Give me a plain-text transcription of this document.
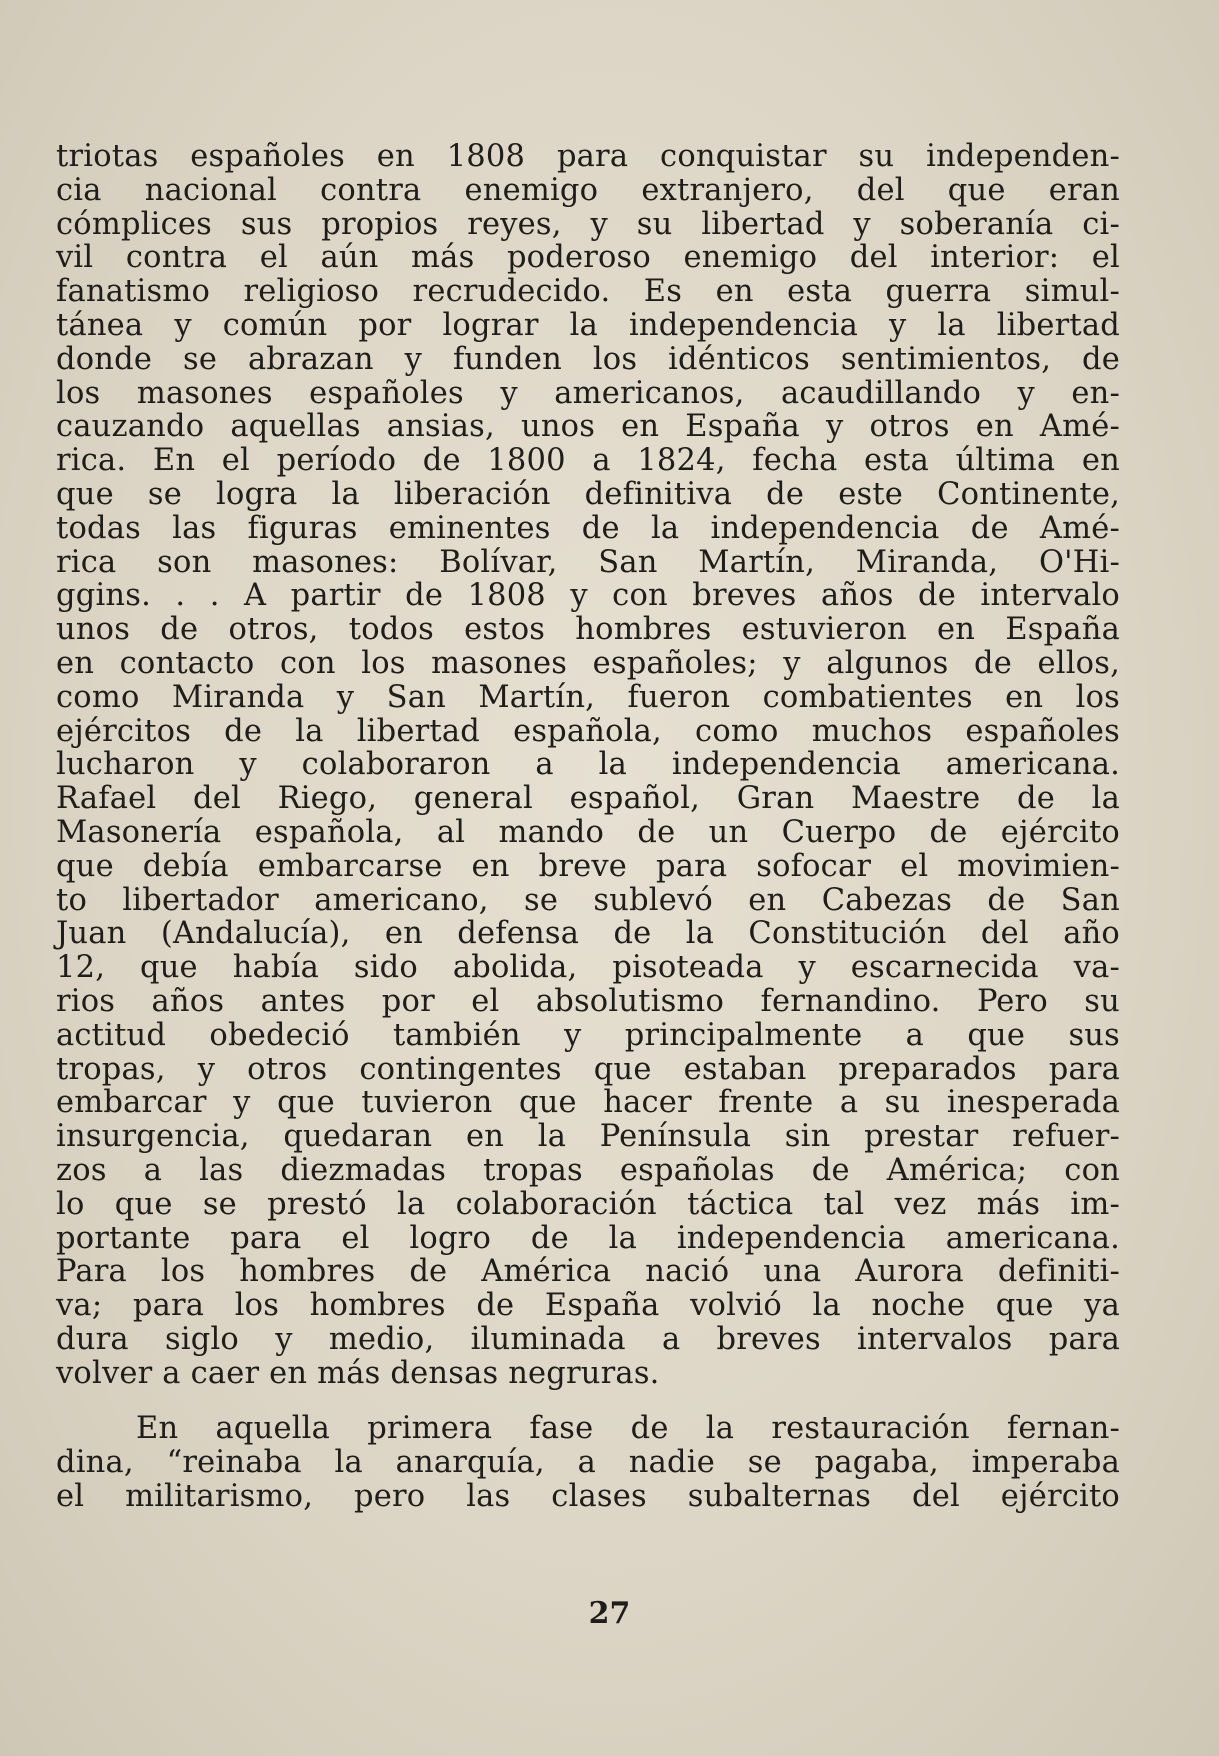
triotas españoles en 1808 para conquistar su independen-
cia nacional contra enemigo extranjero, del que eran
cómplices sus propios reyes, y su libertad y soberanía ci-
vil contra el aún más poderoso enemigo del interior: el
fanatismo religioso recrudecido. Es en esta guerra simul-
tánea y común por lograr la independencia y la libertad
donde se abrazan y funden los idénticos sentimientos, de
los masones españoles y americanos, acaudillando y en-
cauzando aquellas ansias, unos en España y otros en Amé-
rica. En el período de 1800 a 1824, fecha esta última en
que se logra la liberación definitiva de este Continente,
todas las figuras eminentes de la independencia de Amé-
rica son masones: Bolívar, San Martín, Miranda, O'Hi-
ggins. . . A partir de 1808 y con breves años de intervalo
unos de otros, todos estos hombres estuvieron en España
en contacto con los masones españoles; y algunos de ellos,
como Miranda y San Martín, fueron combatientes en los
ejércitos de la libertad española, como muchos españoles
lucharon y colaboraron a la independencia americana.
Rafael del Riego, general español, Gran Maestre de la
Masonería española, al mando de un Cuerpo de ejército
que debía embarcarse en breve para sofocar el movimien-
to libertador americano, se sublevó en Cabezas de San
Juan (Andalucía), en defensa de la Constitución del año
12, que había sido abolida, pisoteada y escarnecida va-
rios años antes por el absolutismo fernandino. Pero su
actitud obedeció también y principalmente a que sus
tropas, y otros contingentes que estaban preparados para
embarcar y que tuvieron que hacer frente a su inesperada
insurgencia, quedaran en la Península sin prestar refuer-
zos a las diezmadas tropas españolas de América; con
lo que se prestó la colaboración táctica tal vez más im-
portante para el logro de la independencia americana.
Para los hombres de América nació una Aurora definiti-
va; para los hombres de España volvió la noche que ya
dura siglo y medio, iluminada a breves intervalos para
volver a caer en más densas negruras.
En aquella primera fase de la restauración fernan-
dina, “reinaba la anarquía, a nadie se pagaba, imperaba
el militarismo, pero las clases subalternas del ejército
27
